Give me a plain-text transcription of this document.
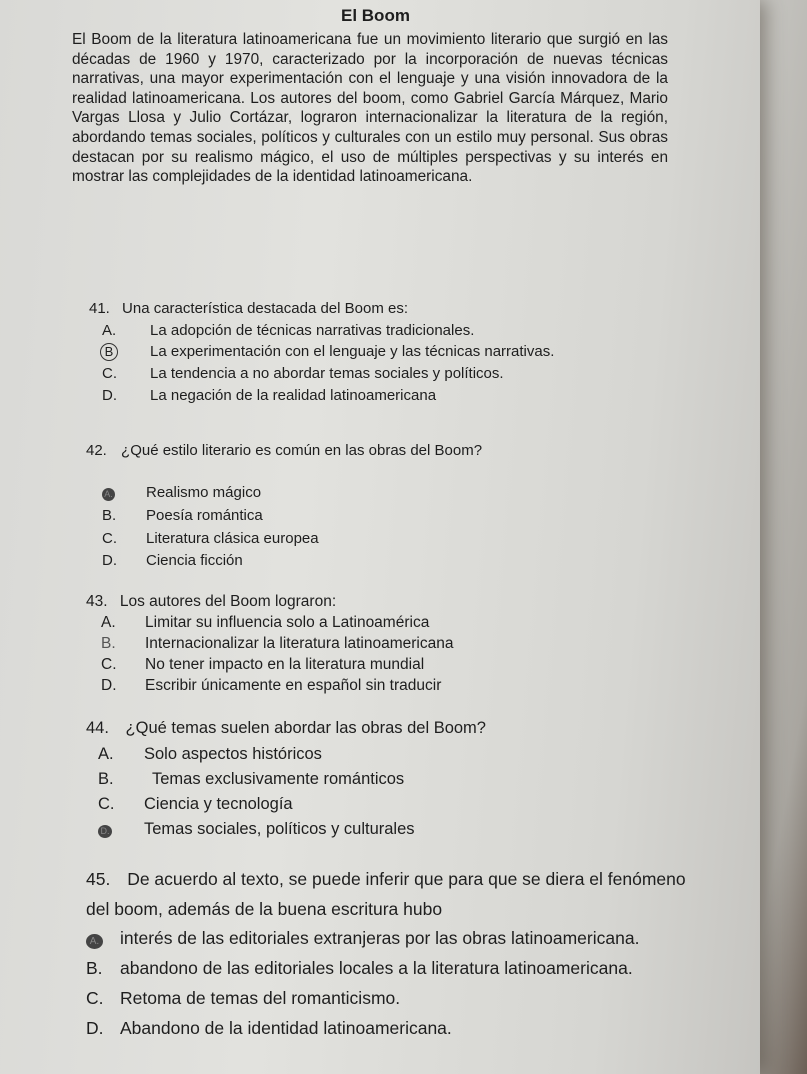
El Boom
El Boom de la literatura latinoamericana fue un movimiento literario que surgió en las décadas de 1960 y 1970, caracterizado por la incorporación de nuevas técnicas narrativas, una mayor experimentación con el lenguaje y una visión innovadora de la realidad latinoamericana. Los autores del boom, como Gabriel García Márquez, Mario Vargas Llosa y Julio Cortázar, lograron internacionalizar la literatura de la región, abordando temas sociales, políticos y culturales con un estilo muy personal. Sus obras destacan por su realismo mágico, el uso de múltiples perspectivas y su interés en mostrar las complejidades de la identidad latinoamericana.
41. Una característica destacada del Boom es:
A. La adopción de técnicas narrativas tradicionales.
B La experimentación con el lenguaje y las técnicas narrativas.
C. La tendencia a no abordar temas sociales y políticos.
D. La negación de la realidad latinoamericana
42. ¿Qué estilo literario es común en las obras del Boom?
A. Realismo mágico
B. Poesía romántica
C. Literatura clásica europea
D. Ciencia ficción
43. Los autores del Boom lograron:
A. Limitar su influencia solo a Latinoamérica
B. Internacionalizar la literatura latinoamericana
C. No tener impacto en la literatura mundial
D. Escribir únicamente en español sin traducir
44. ¿Qué temas suelen abordar las obras del Boom?
A. Solo aspectos históricos
B. Temas exclusivamente románticos
C. Ciencia y tecnología
D. Temas sociales, políticos y culturales
45. De acuerdo al texto, se puede inferir que para que se diera el fenómeno
del boom, además de la buena escritura hubo
A. interés de las editoriales extranjeras por las obras latinoamericana.
B. abandono de las editoriales locales a la literatura latinoamericana.
C. Retoma de temas del romanticismo.
D. Abandono de la identidad latinoamericana.
